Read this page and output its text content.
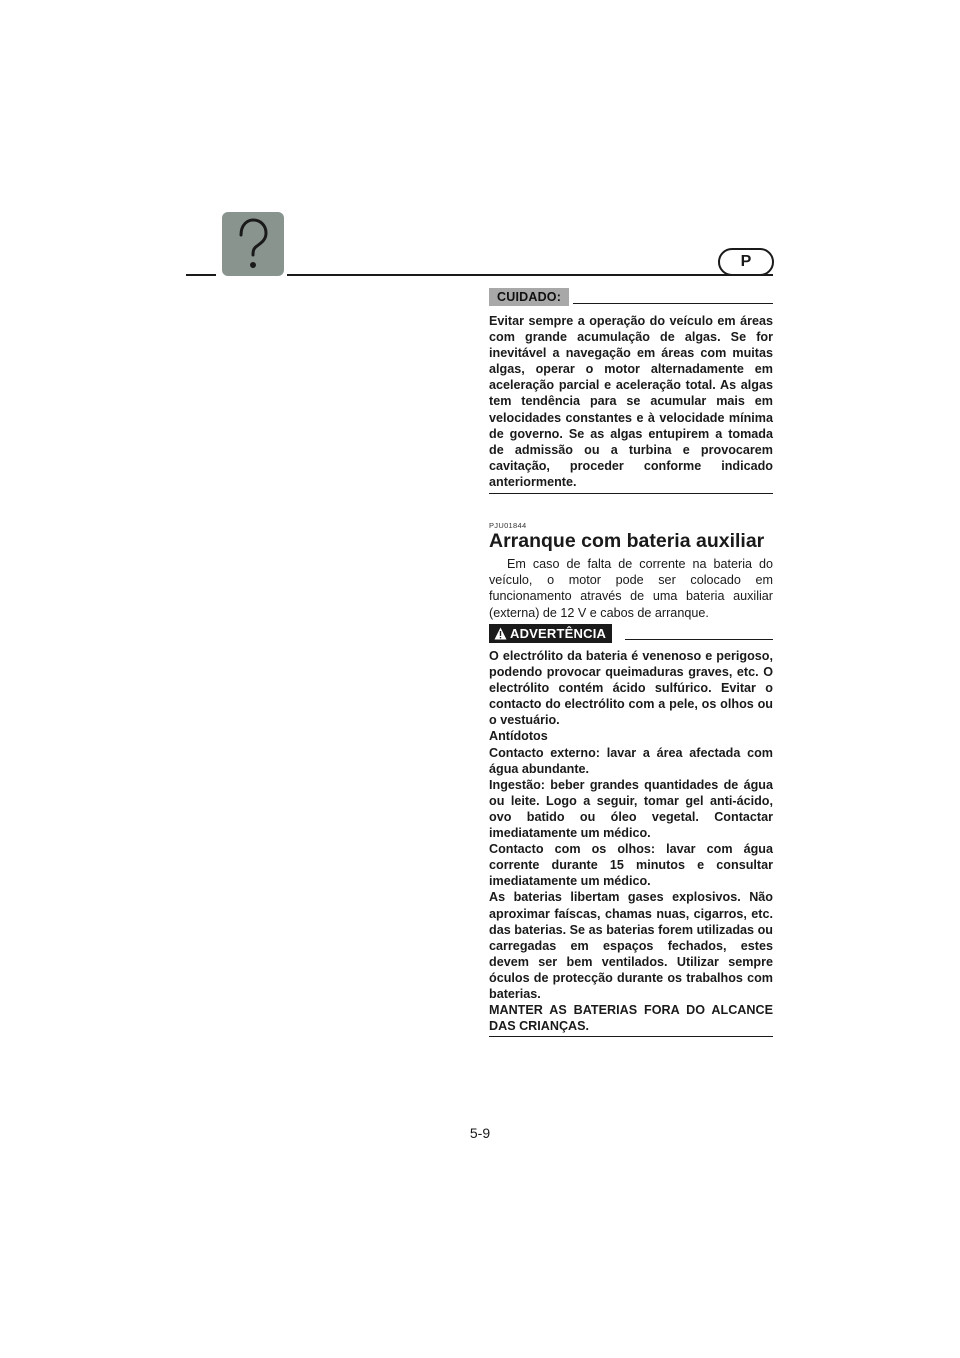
P
CUIDADO:

Evitar sempre a operação do veículo em áreas com grande acumulação de algas. Se for inevitável a navegação em áreas com muitas algas, operar o motor alternadamente em aceleração parcial e aceleração total. As algas tem tendência para se acumular mais em velocidades constantes e à velocidade mínima de governo. Se as algas entupirem a tomada de admissão ou a turbina e provocarem cavitação, proceder conforme indicado anteriormente.

PJU01844
Arranque com bateria auxiliar

Em caso de falta de corrente na bateria do veículo, o motor pode ser colocado em funcionamento através de uma bateria auxiliar (externa) de 12 V e cabos de arranque.

ADVERTÊNCIA

O electrólito da bateria é venenoso e perigoso, podendo provocar queimaduras graves, etc. O electrólito contém ácido sulfúrico. Evitar o contacto do electrólito com a pele, os olhos ou o vestuário.

Antídotos

Contacto externo: lavar a área afectada com água abundante.

Ingestão: beber grandes quantidades de água ou leite. Logo a seguir, tomar gel anti-ácido, ovo batido ou óleo vegetal. Contactar imediatamente um médico.

Contacto com os olhos: lavar com água corrente durante 15 minutos e consultar imediatamente um médico.

As baterias libertam gases explosivos. Não aproximar faíscas, chamas nuas, cigarros, etc. das baterias. Se as baterias forem utilizadas ou carregadas em espaços fechados, estes devem ser bem ventilados. Utilizar sempre óculos de protecção durante os trabalhos com baterias.

MANTER AS BATERIAS FORA DO ALCANCE DAS CRIANÇAS.

5-9
